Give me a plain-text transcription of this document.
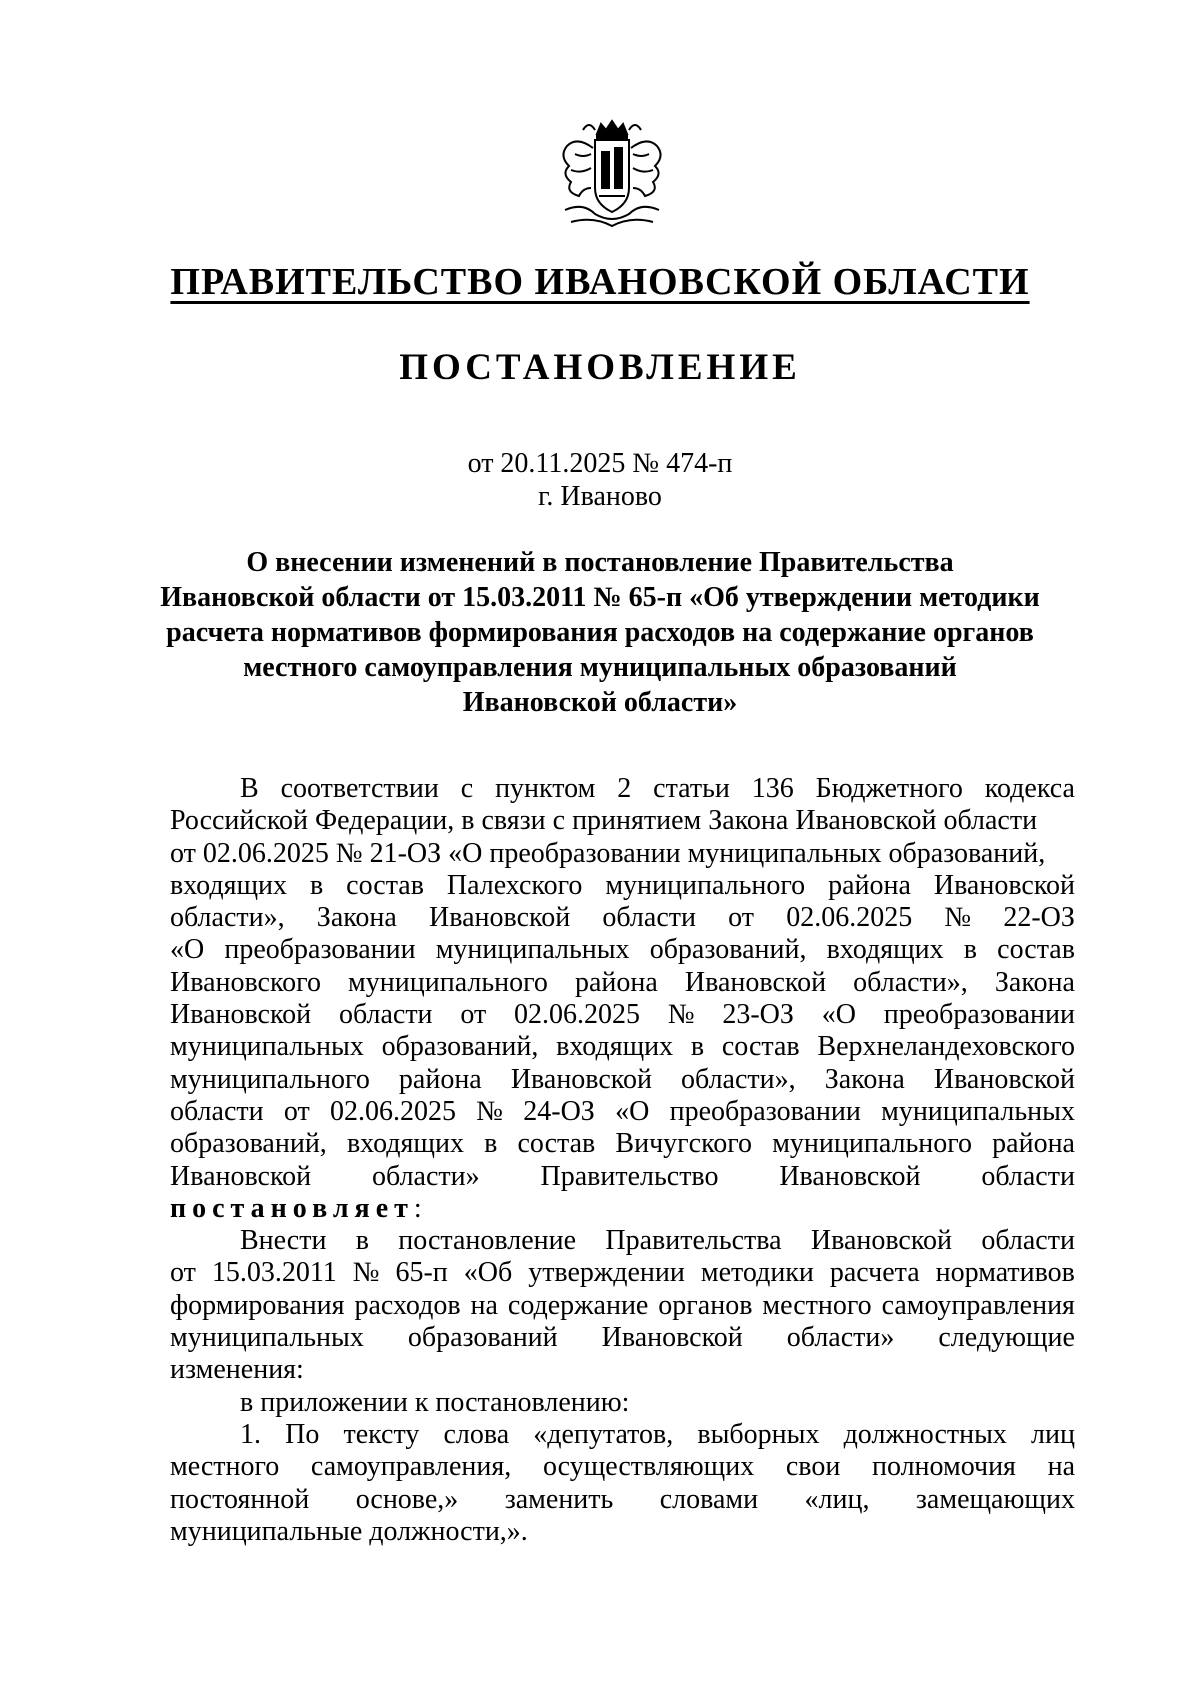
ПРАВИТЕЛЬСТВО ИВАНОВСКОЙ ОБЛАСТИ
ПОСТАНОВЛЕНИЕ
от 20.11.2025 № 474-п
г. Иваново
О внесении изменений в постановление Правительства
Ивановской области от 15.03.2011 № 65-п «Об утверждении методики
расчета нормативов формирования расходов на содержание органов
местного самоуправления муниципальных образований
Ивановской области»
В соответствии с пунктом 2 статьи 136 Бюджетного кодекса
Российской Федерации, в связи с принятием Закона Ивановской области
от 02.06.2025 № 21-ОЗ «О преобразовании муниципальных образований,
входящих в состав Палехского муниципального района Ивановской
области», Закона Ивановской области от 02.06.2025 № 22-ОЗ
«О преобразовании муниципальных образований, входящих в состав
Ивановского муниципального района Ивановской области», Закона
Ивановской области от 02.06.2025 № 23-ОЗ «О преобразовании
муниципальных образований, входящих в состав Верхнеландеховского
муниципального района Ивановской области», Закона Ивановской
области от 02.06.2025 № 24-ОЗ «О преобразовании муниципальных
образований, входящих в состав Вичугского муниципального района
Ивановской области» Правительство Ивановской области
постановляет:
Внести в постановление Правительства Ивановской области
от 15.03.2011 № 65-п «Об утверждении методики расчета нормативов
формирования расходов на содержание органов местного самоуправления
муниципальных образований Ивановской области» следующие
изменения:
в приложении к постановлению:
1. По тексту слова «депутатов, выборных должностных лиц
местного самоуправления, осуществляющих свои полномочия на
постоянной основе,» заменить словами «лиц, замещающих
муниципальные должности,».
